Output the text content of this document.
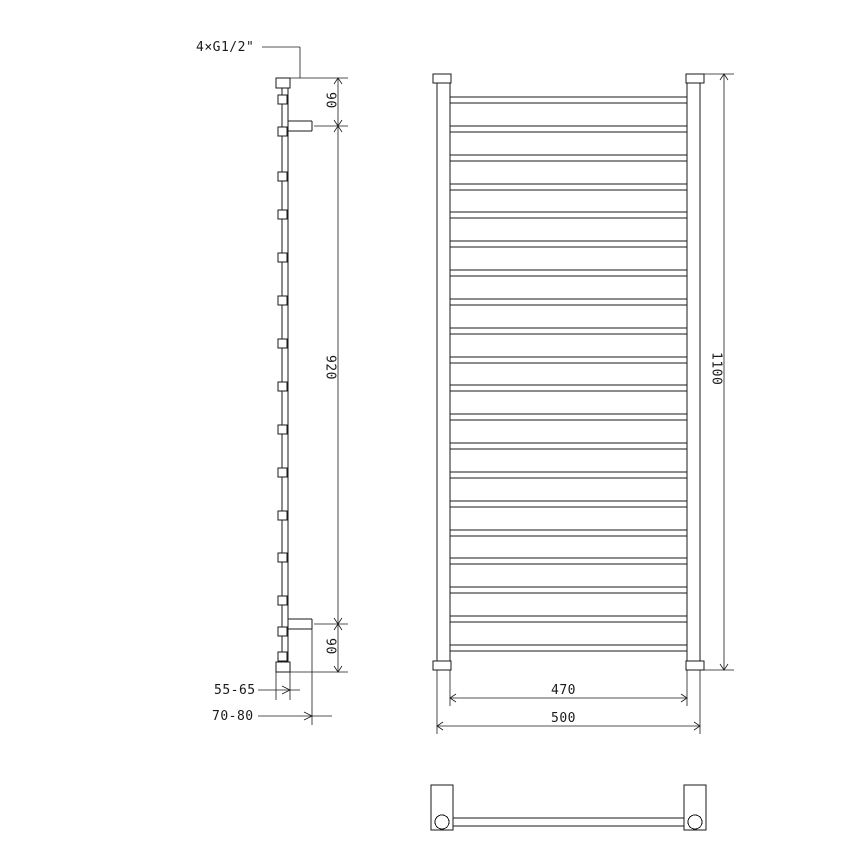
4×G1/2"
90
920
90
55-65
70-80
1100
470
500
